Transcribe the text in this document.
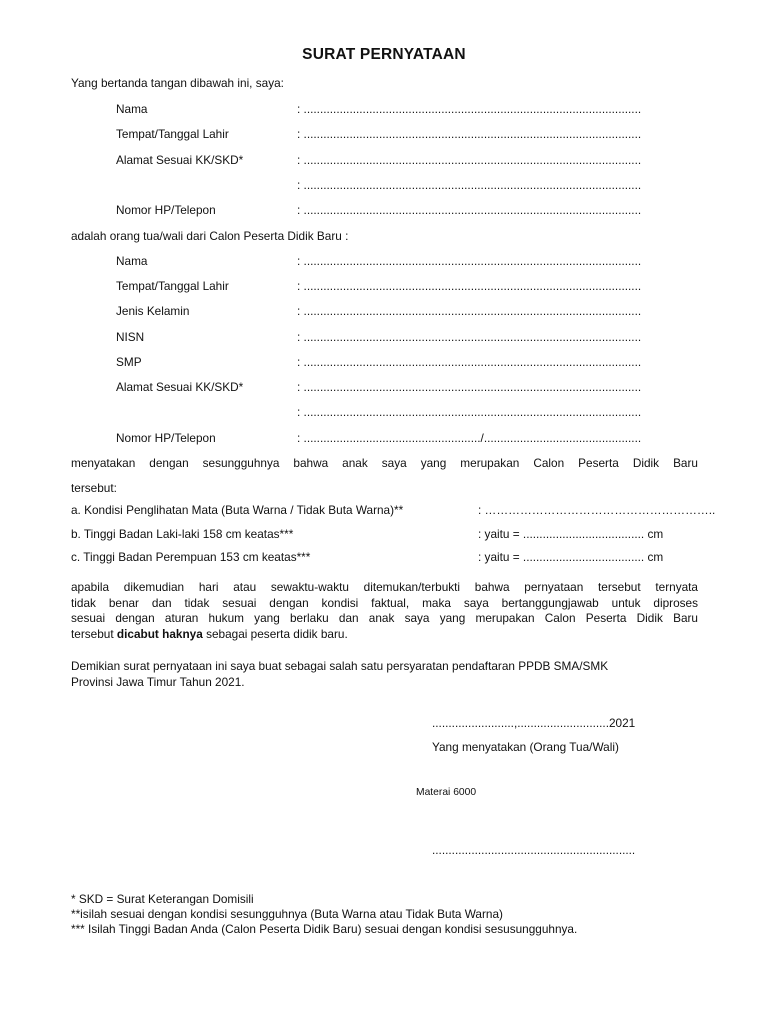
SURAT PERNYATAAN
Yang bertanda tangan dibawah ini, saya:
Nama	: .......................................................................................................
Tempat/Tanggal Lahir	: .......................................................................................................
Alamat Sesuai KK/SKD*	: .......................................................................................................
: .......................................................................................................
Nomor HP/Telepon	: .......................................................................................................
adalah orang tua/wali dari Calon Peserta Didik Baru :
Nama	: .......................................................................................................
Tempat/Tanggal Lahir	: .......................................................................................................
Jenis Kelamin	: .......................................................................................................
NISN	: .......................................................................................................
SMP	: .......................................................................................................
Alamat Sesuai KK/SKD*	: .......................................................................................................
: .......................................................................................................
Nomor HP/Telepon	: ....................................................../................................................
menyatakan dengan sesungguhnya bahwa anak saya yang merupakan Calon Peserta Didik Baru
tersebut:
a. Kondisi Penglihatan Mata (Buta Warna / Tidak Buta Warna)**	: …………………………………………………..
b. Tinggi Badan Laki-laki 158 cm keatas***	: yaitu = ..................................... cm
c. Tinggi Badan Perempuan 153 cm keatas***	: yaitu = ..................................... cm
apabila dikemudian hari atau sewaktu-waktu ditemukan/terbukti bahwa pernyataan tersebut ternyata
tidak benar dan tidak sesuai dengan kondisi faktual, maka saya bertanggungjawab untuk diproses
sesuai dengan aturan hukum yang berlaku dan anak saya yang merupakan Calon Peserta Didik Baru
tersebut dicabut haknya sebagai peserta didik baru.
Demikian surat pernyataan ini saya buat sebagai salah satu persyaratan pendaftaran PPDB SMA/SMK
Provinsi Jawa Timur Tahun 2021.
.........................,............................2021
Yang menyatakan (Orang Tua/Wali)
Materai 6000
..............................................................
* SKD = Surat Keterangan Domisili
**isilah sesuai dengan kondisi sesungguhnya (Buta Warna atau Tidak Buta Warna)
*** Isilah Tinggi Badan Anda (Calon Peserta Didik Baru) sesuai dengan kondisi sesusungguhnya.
